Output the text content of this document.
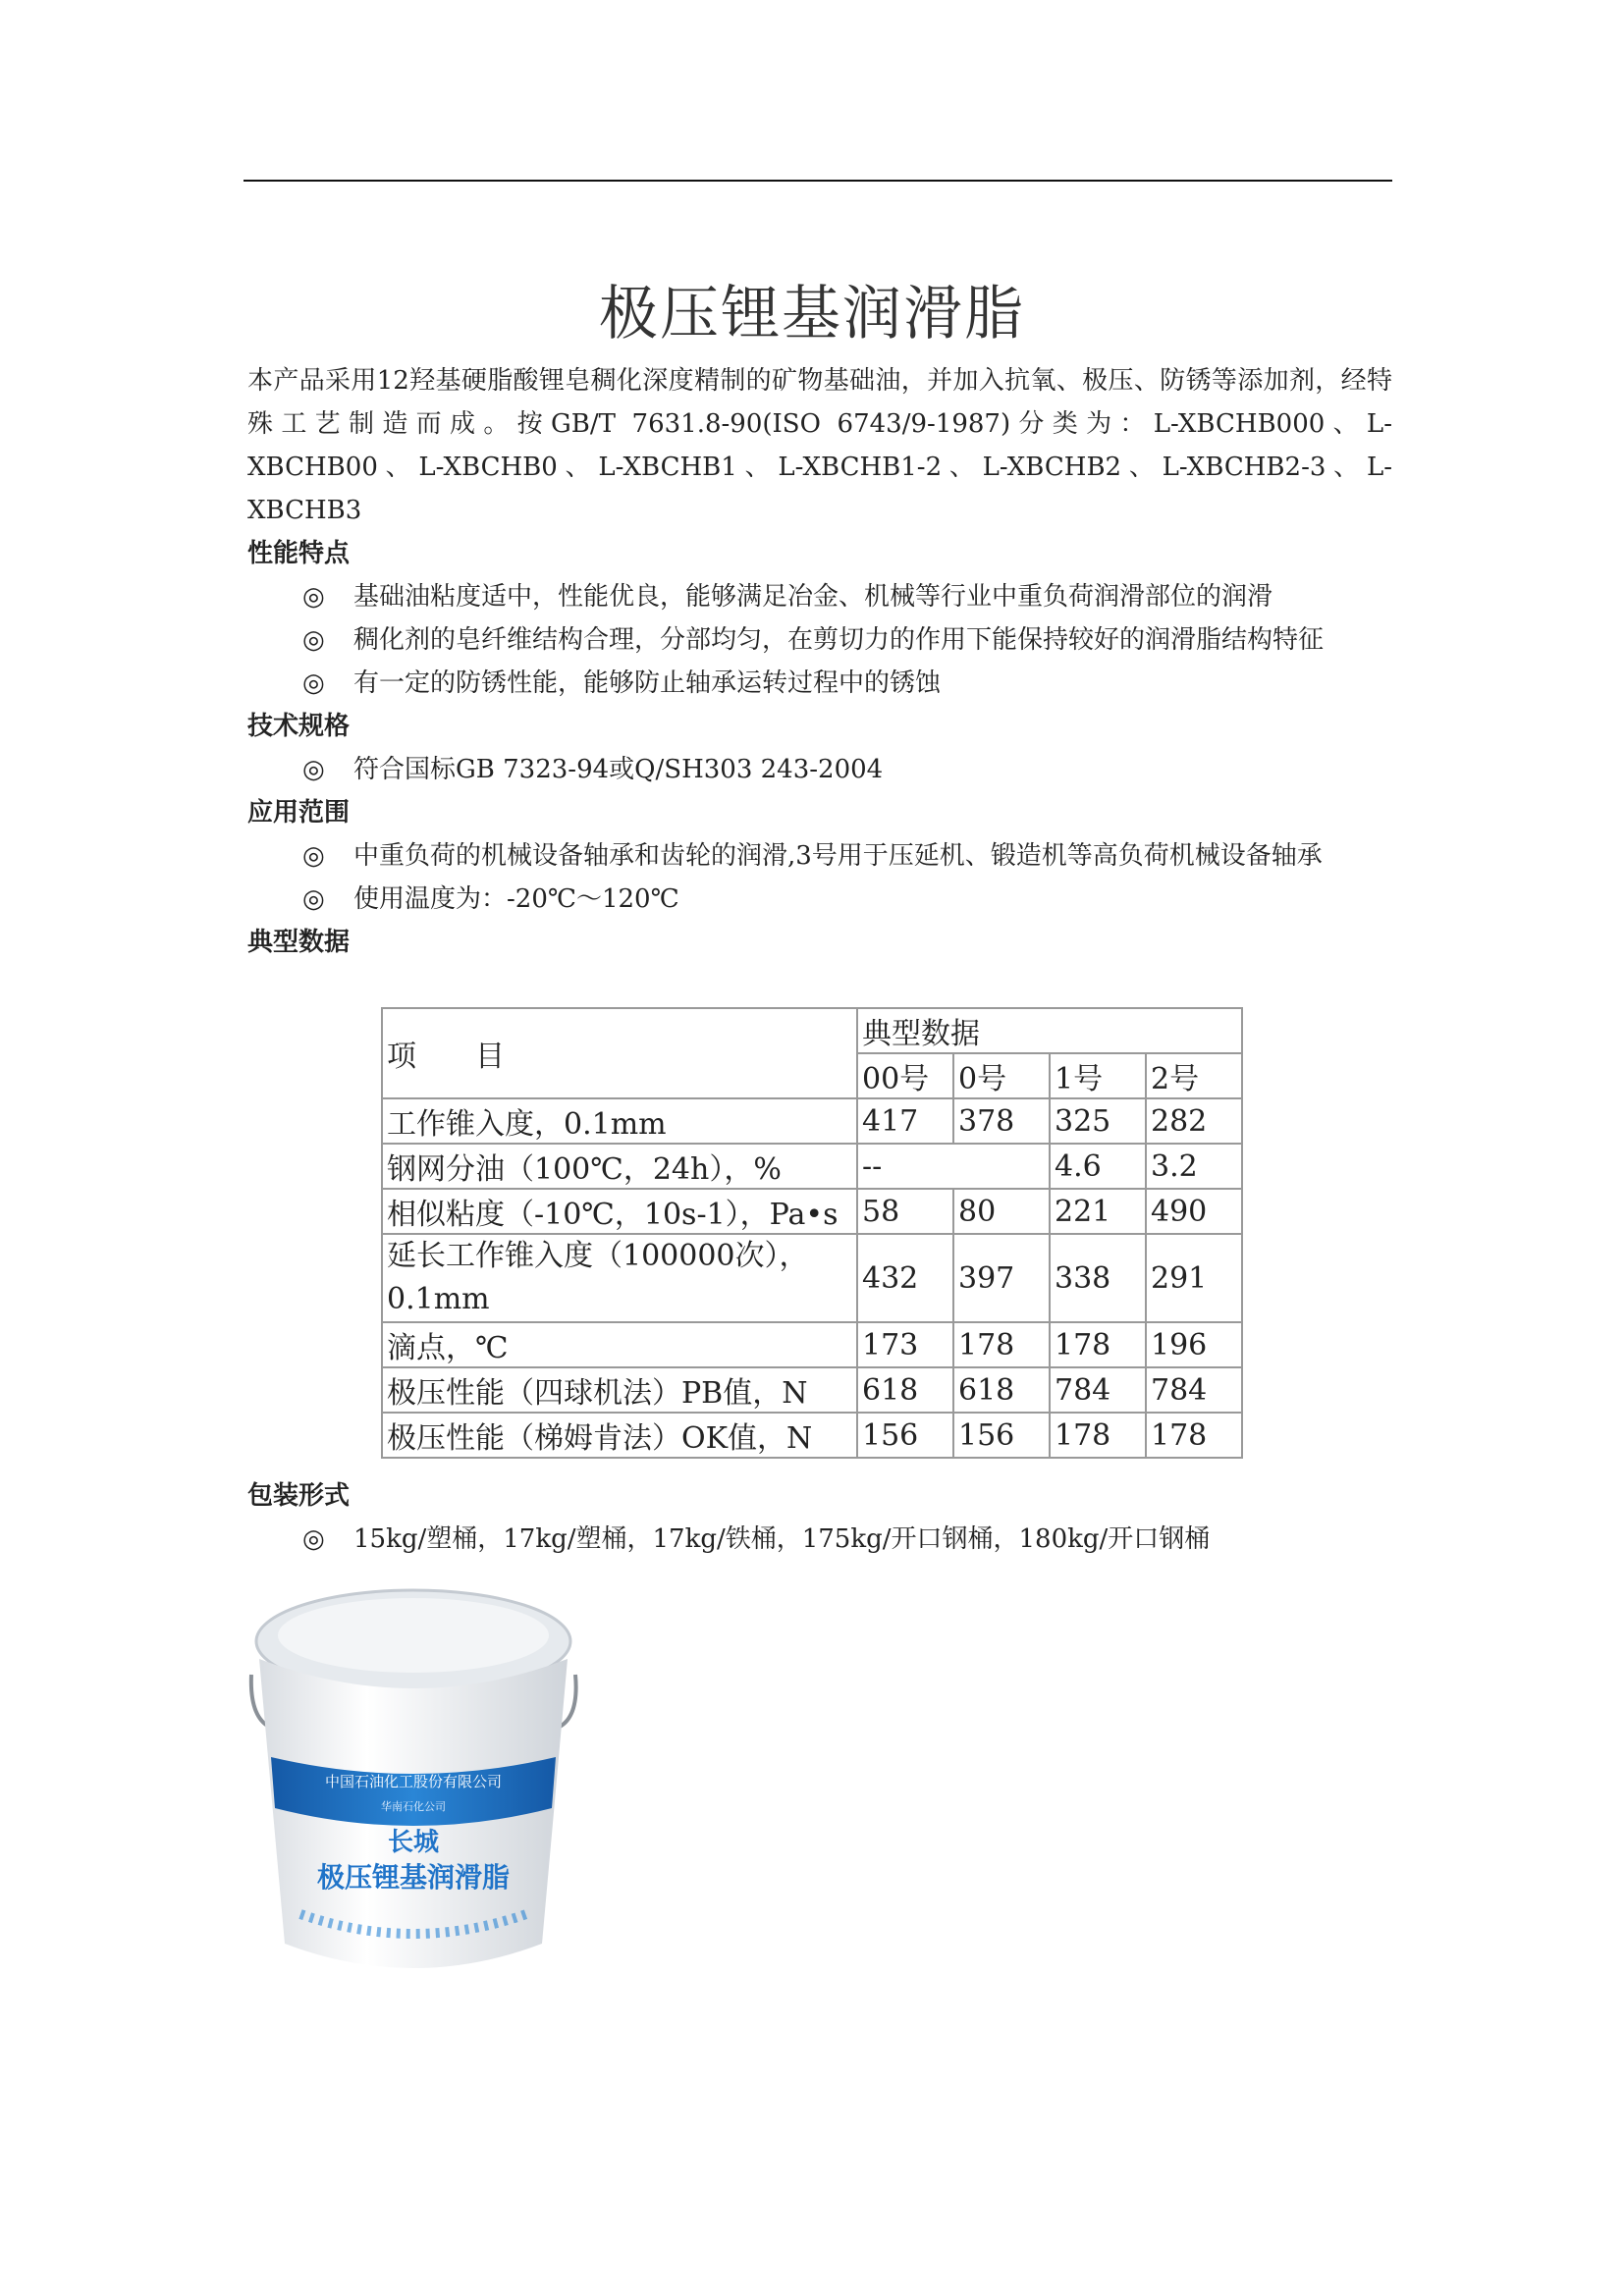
极压锂基润滑脂

本产品采用12羟基硬脂酸锂皂稠化深度精制的矿物基础油，并加入抗氧、极压、防锈等添加剂，经特殊工艺制造而成。按GB/T 7631.8-90(ISO 6743/9-1987)分类为：L-XBCHB000、L-XBCHB00、L-XBCHB0、L-XBCHB1、L-XBCHB1-2、L-XBCHB2、L-XBCHB2-3、L-XBCHB3

性能特点

◎ 基础油粘度适中，性能优良，能够满足冶金、机械等行业中重负荷润滑部位的润滑

◎ 稠化剂的皂纤维结构合理，分部均匀，在剪切力的作用下能保持较好的润滑脂结构特征

◎ 有一定的防锈性能，能够防止轴承运转过程中的锈蚀

技术规格

◎ 符合国标GB 7323-94或Q/SH303 243-2004

应用范围

◎ 中重负荷的机械设备轴承和齿轮的润滑,3号用于压延机、锻造机等高负荷机械设备轴承

◎ 使用温度为：-20℃～120℃

典型数据

项　　目	典型数据			
	00号	0号	1号	2号
工作锥入度，0.1mm	417	378	325	282
钢网分油（100℃，24h），%	--		4.6	3.2
相似粘度（-10℃，10s-1），Pa•s	58	80	221	490
延长工作锥入度（100000次），0.1mm	432	397	338	291
滴点，℃	173	178	178	196
极压性能（四球机法）PB值，N	618	618	784	784
极压性能（梯姆肯法）OK值，N	156	156	178	178

包装形式

◎ 15kg/塑桶，17kg/塑桶，17kg/铁桶，175kg/开口钢桶，180kg/开口钢桶

中国石油化工股份有限公司
华南石化公司
长城
极压锂基润滑脂
